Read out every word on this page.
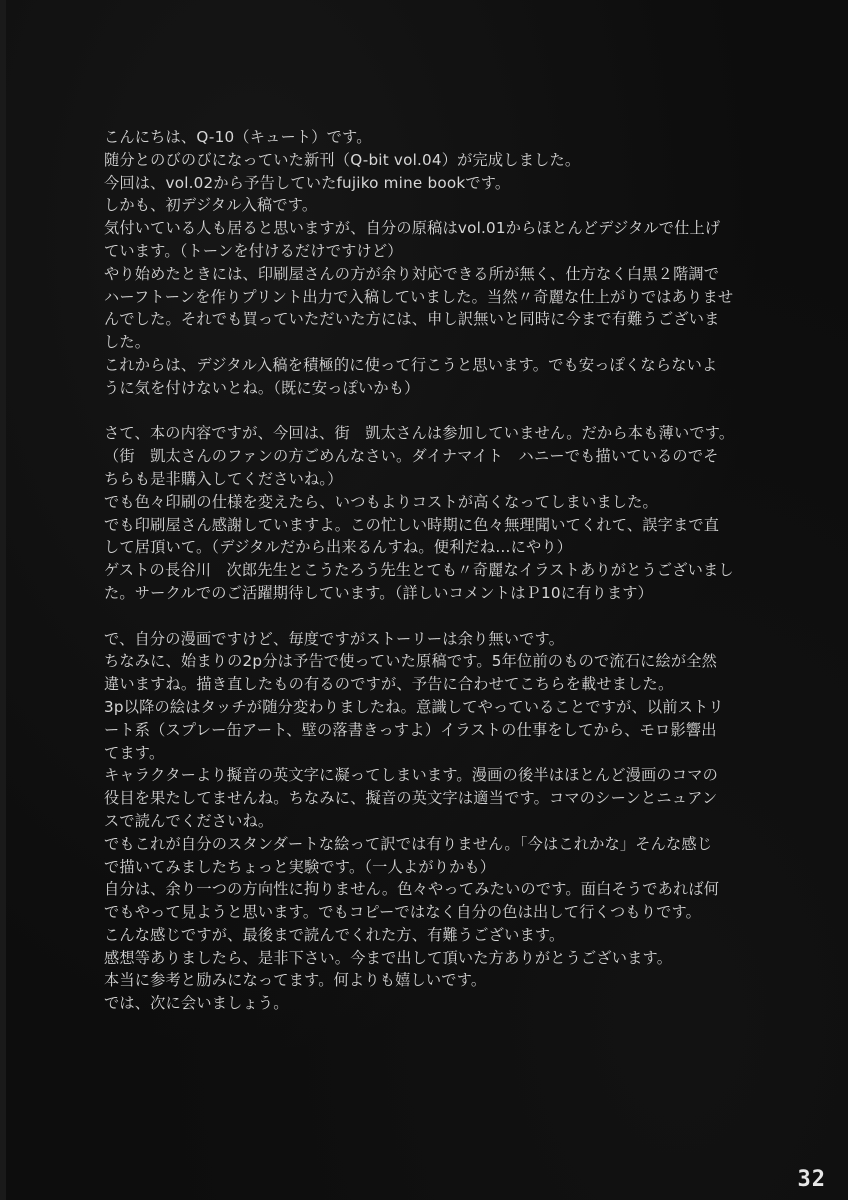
こんにちは、Q-10（キュート）です。
随分とのびのびになっていた新刊（Q-bit vol.04）が完成しました。
今回は、vol.02から予告していたfujiko mine bookです。
しかも、初デジタル入稿です。
気付いている人も居ると思いますが、自分の原稿はvol.01からほとんどデジタルで仕上げ
ています。（トーンを付けるだけですけど）
やり始めたときには、印刷屋さんの方が余り対応できる所が無く、仕方なく白黒２階調で
ハーフトーンを作りプリント出力で入稿していました。当然〃奇麗な仕上がりではありませ
んでした。それでも買っていただいた方には、申し訳無いと同時に今まで有難うございま
した。
これからは、デジタル入稿を積極的に使って行こうと思います。でも安っぽくならないよ
うに気を付けないとね。（既に安っぽいかも）
さて、本の内容ですが、今回は、街　凱太さんは参加していません。だから本も薄いです。
（街　凱太さんのファンの方ごめんなさい。ダイナマイト　ハニーでも描いているのでそ
ちらも是非購入してくださいね。）
でも色々印刷の仕様を変えたら、いつもよりコストが高くなってしまいました。
でも印刷屋さん感謝していますよ。この忙しい時期に色々無理聞いてくれて、誤字まで直
して居頂いて。（デジタルだから出来るんすね。便利だね…にやり）
ゲストの長谷川　次郎先生とこうたろう先生とても〃奇麗なイラストありがとうございまし
た。サークルでのご活躍期待しています。（詳しいコメントはＰ10に有ります）
で、自分の漫画ですけど、毎度ですがストーリーは余り無いです。
ちなみに、始まりの2p分は予告で使っていた原稿です。5年位前のもので流石に絵が全然
違いますね。描き直したもの有るのですが、予告に合わせてこちらを載せました。
3p以降の絵はタッチが随分変わりましたね。意識してやっていることですが、以前ストリ
ート系（スプレー缶アート、壁の落書きっすよ）イラストの仕事をしてから、モロ影響出
てます。
キャラクターより擬音の英文字に凝ってしまいます。漫画の後半はほとんど漫画のコマの
役目を果たしてませんね。ちなみに、擬音の英文字は適当です。コマのシーンとニュアン
スで読んでくださいね。
でもこれが自分のスタンダートな絵って訳では有りません。「今はこれかな」そんな感じ
で描いてみましたちょっと実験です。（一人よがりかも）
自分は、余り一つの方向性に拘りません。色々やってみたいのです。面白そうであれば何
でもやって見ようと思います。でもコピーではなく自分の色は出して行くつもりです。
こんな感じですが、最後まで読んでくれた方、有難うございます。
感想等ありましたら、是非下さい。今まで出して頂いた方ありがとうございます。
本当に参考と励みになってます。何よりも嬉しいです。
では、次に会いましょう。
32
